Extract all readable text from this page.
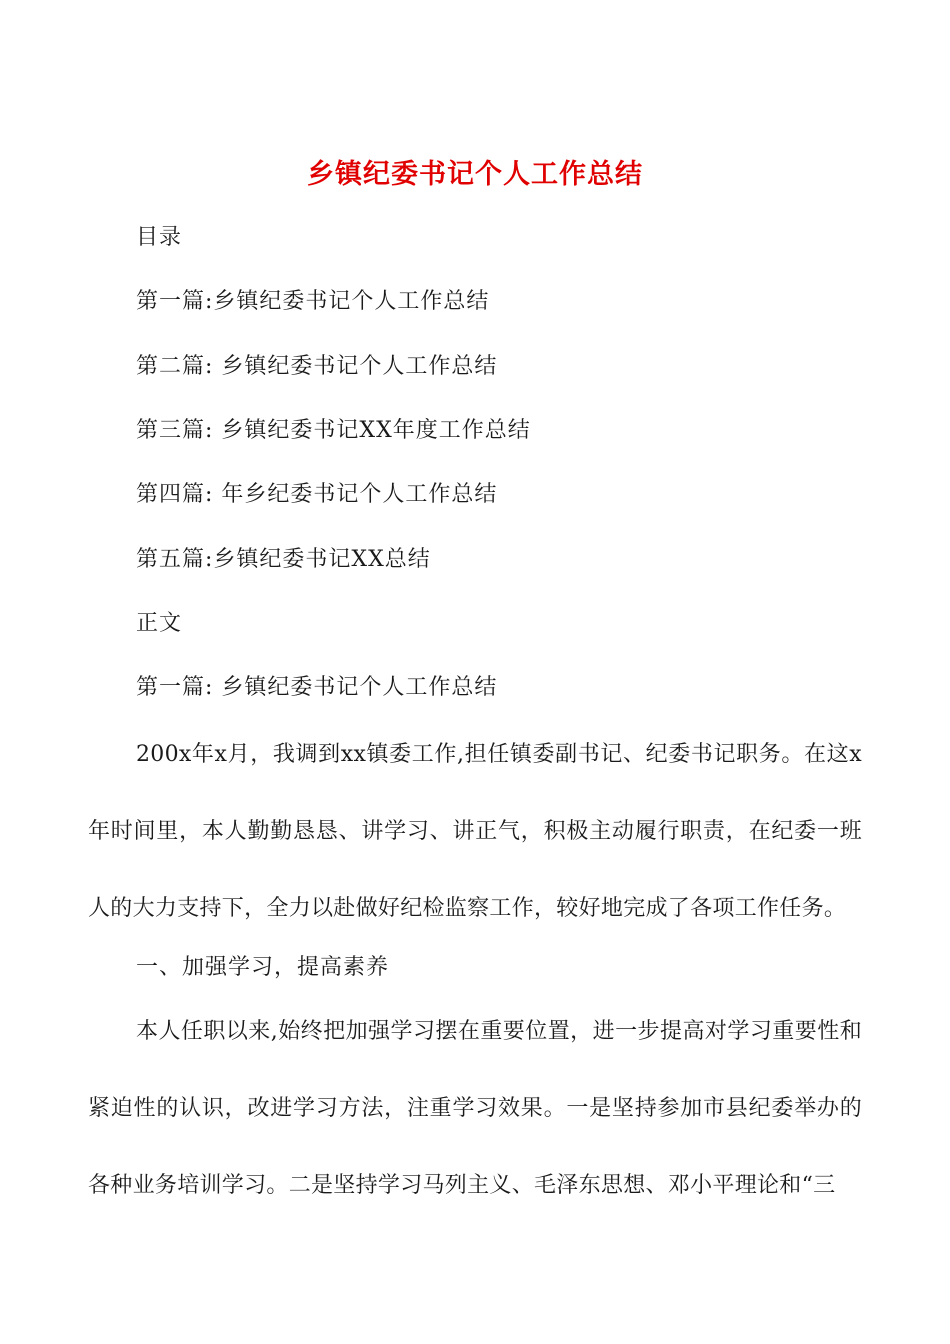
乡镇纪委书记个人工作总结
目录
第一篇:乡镇纪委书记个人工作总结
第二篇: 乡镇纪委书记个人工作总结
第三篇: 乡镇纪委书记XX年度工作总结
第四篇: 年乡纪委书记个人工作总结
第五篇:乡镇纪委书记XX总结
正文
第一篇: 乡镇纪委书记个人工作总结
200x年x月，我调到xx镇委工作,担任镇委副书记、纪委书记职务。在这x年时间里，本人勤勤恳恳、讲学习、讲正气，积极主动履行职责，在纪委一班人的大力支持下，全力以赴做好纪检监察工作，较好地完成了各项工作任务。
一、加强学习，提高素养
本人任职以来,始终把加强学习摆在重要位置，进一步提高对学习重要性和紧迫性的认识，改进学习方法，注重学习效果。一是坚持参加市县纪委举办的各种业务培训学习。二是坚持学习马列主义、毛泽东思想、邓小平理论和“三
